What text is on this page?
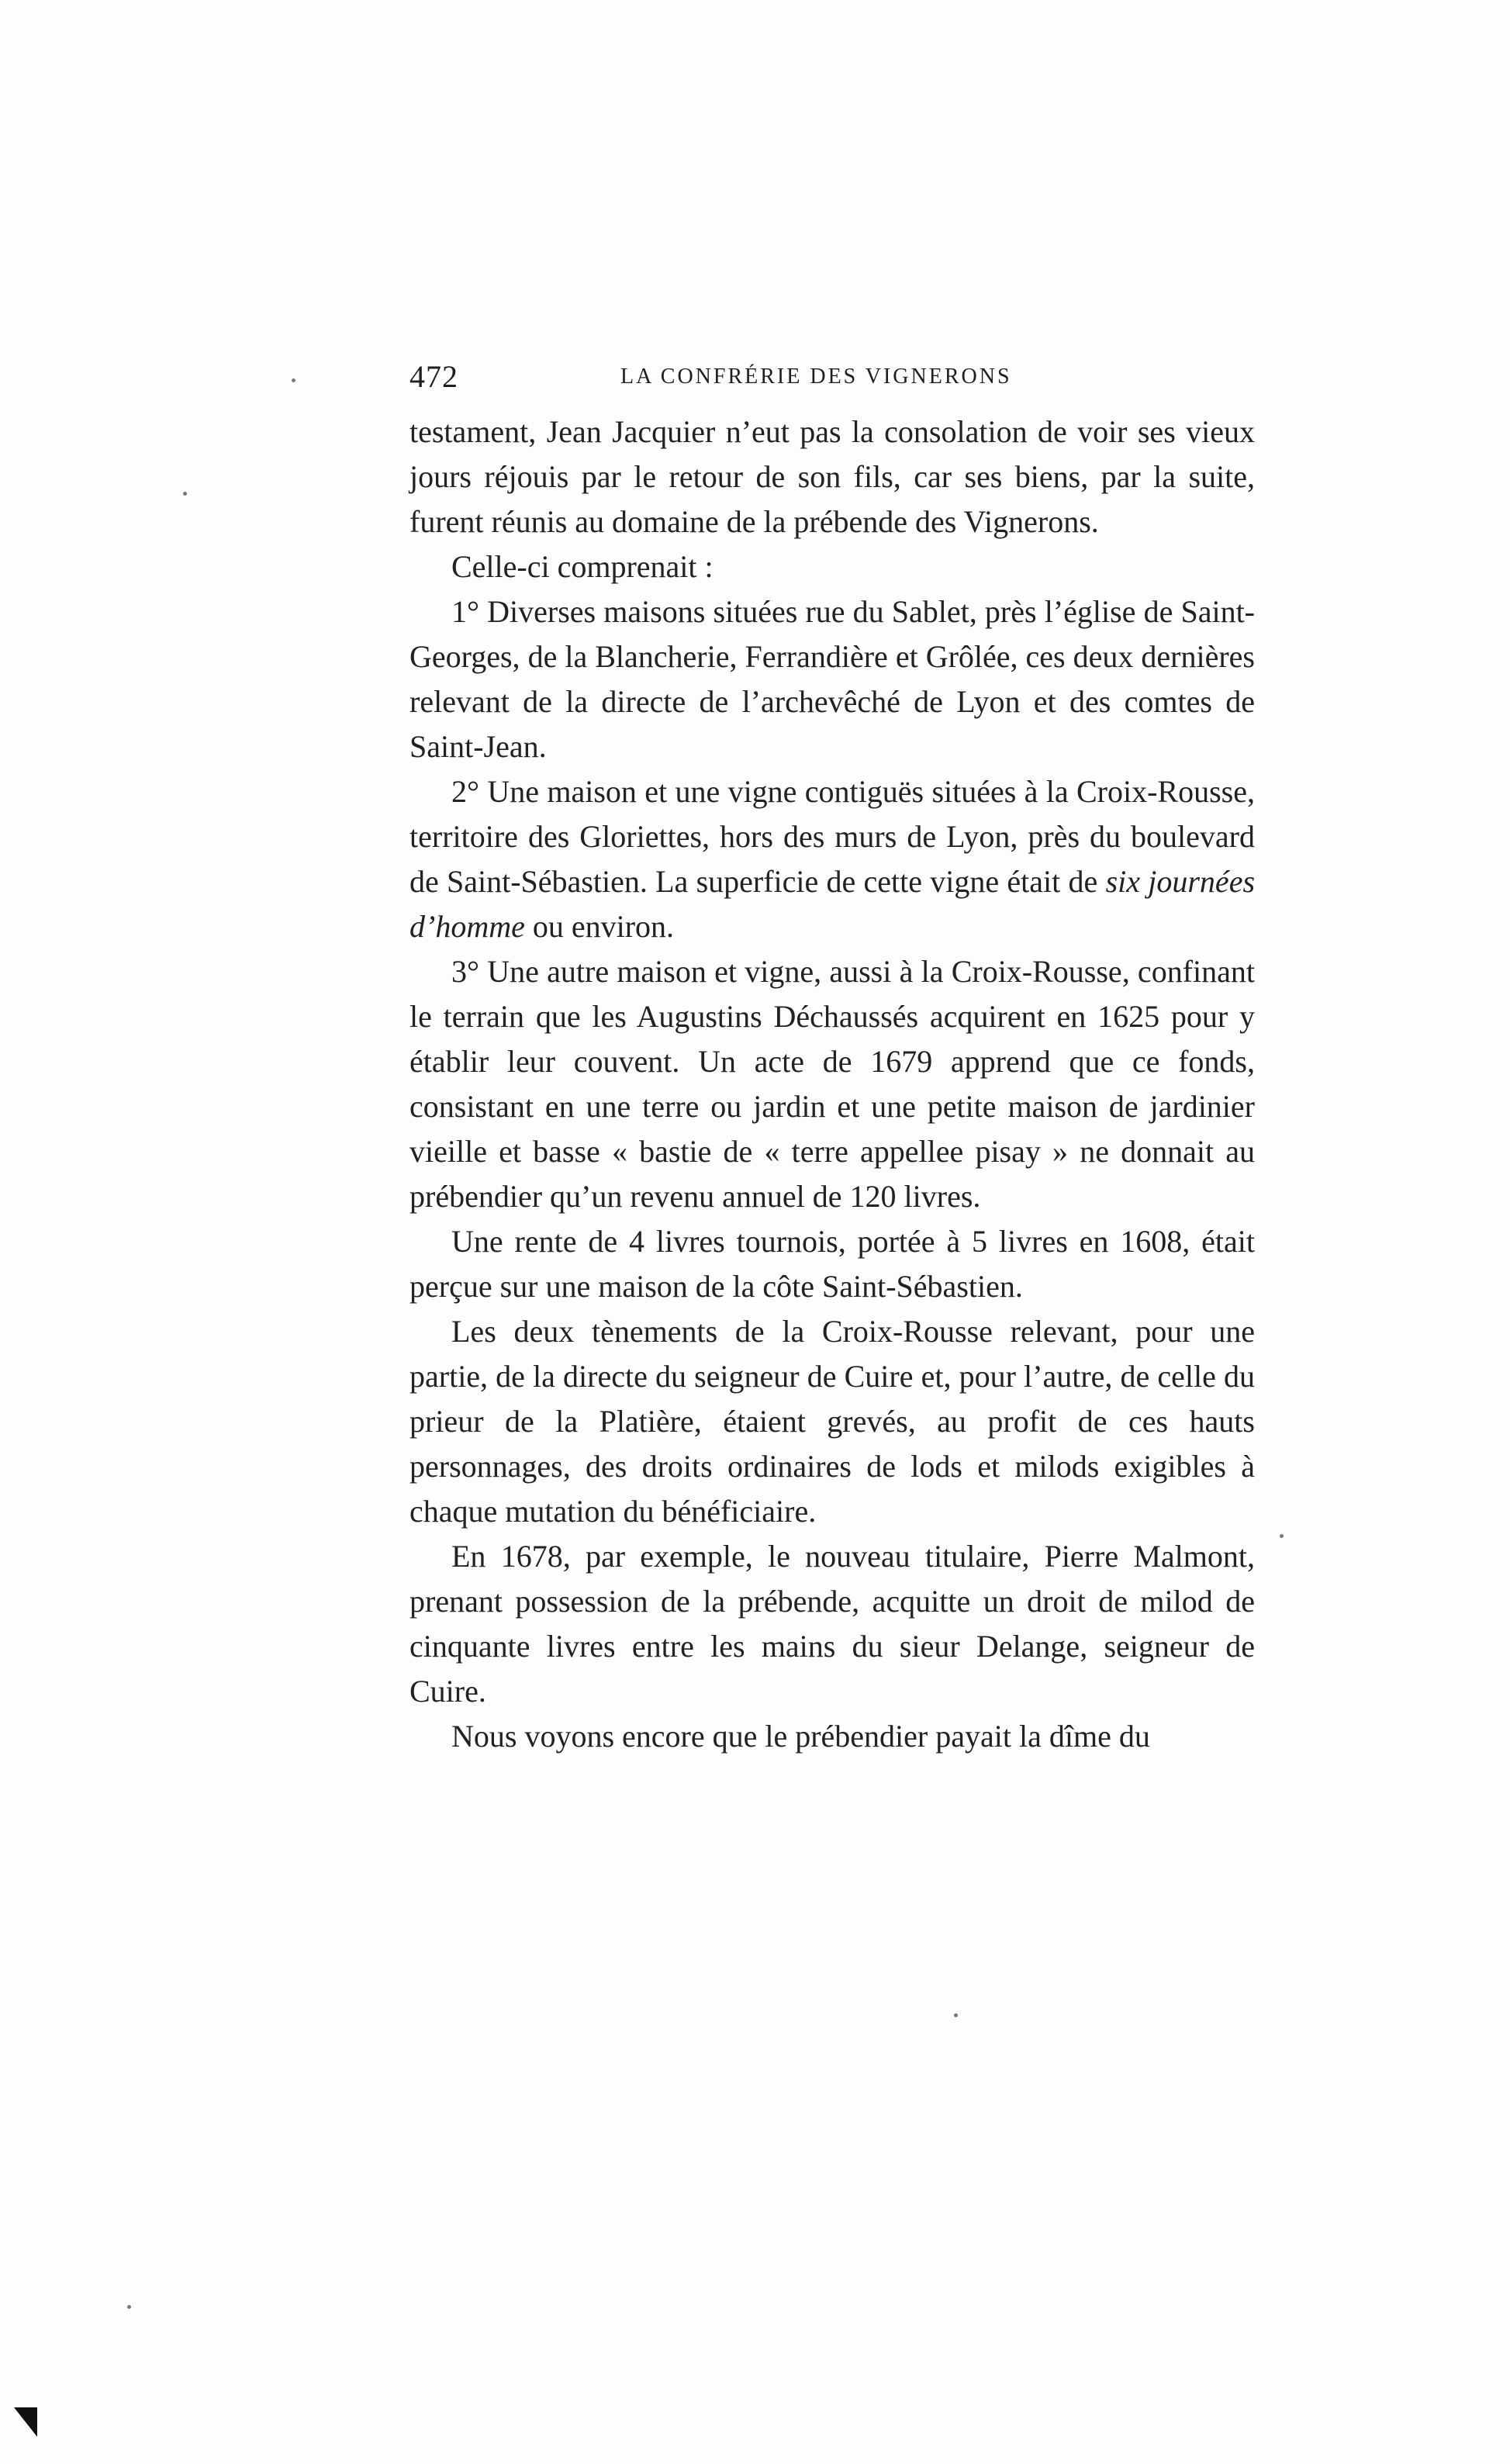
472	LA CONFRÉRIE DES VIGNERONS

testament, Jean Jacquier n’eut pas la consolation de voir ses vieux jours réjouis par le retour de son fils, car ses biens, par la suite, furent réunis au domaine de la prébende des Vignerons.

Celle-ci comprenait :

1° Diverses maisons situées rue du Sablet, près l’église de Saint-Georges, de la Blancherie, Ferrandière et Grôlée, ces deux dernières relevant de la directe de l’archevêché de Lyon et des comtes de Saint-Jean.

2° Une maison et une vigne contiguës situées à la Croix-Rousse, territoire des Gloriettes, hors des murs de Lyon, près du boulevard de Saint-Sébastien. La superficie de cette vigne était de six journées d’homme ou environ.

3° Une autre maison et vigne, aussi à la Croix-Rousse, confinant le terrain que les Augustins Déchaussés acquirent en 1625 pour y établir leur couvent. Un acte de 1679 apprend que ce fonds, consistant en une terre ou jardin et une petite maison de jardinier vieille et basse « bastie de « terre appellee pisay » ne donnait au prébendier qu’un revenu annuel de 120 livres.

Une rente de 4 livres tournois, portée à 5 livres en 1608, était perçue sur une maison de la côte Saint-Sébastien.

Les deux tènements de la Croix-Rousse relevant, pour une partie, de la directe du seigneur de Cuire et, pour l’autre, de celle du prieur de la Platière, étaient grevés, au profit de ces hauts personnages, des droits ordinaires de lods et milods exigibles à chaque mutation du bénéficiaire.

En 1678, par exemple, le nouveau titulaire, Pierre Malmont, prenant possession de la prébende, acquitte un droit de milod de cinquante livres entre les mains du sieur Delange, seigneur de Cuire.

Nous voyons encore que le prébendier payait la dîme du
